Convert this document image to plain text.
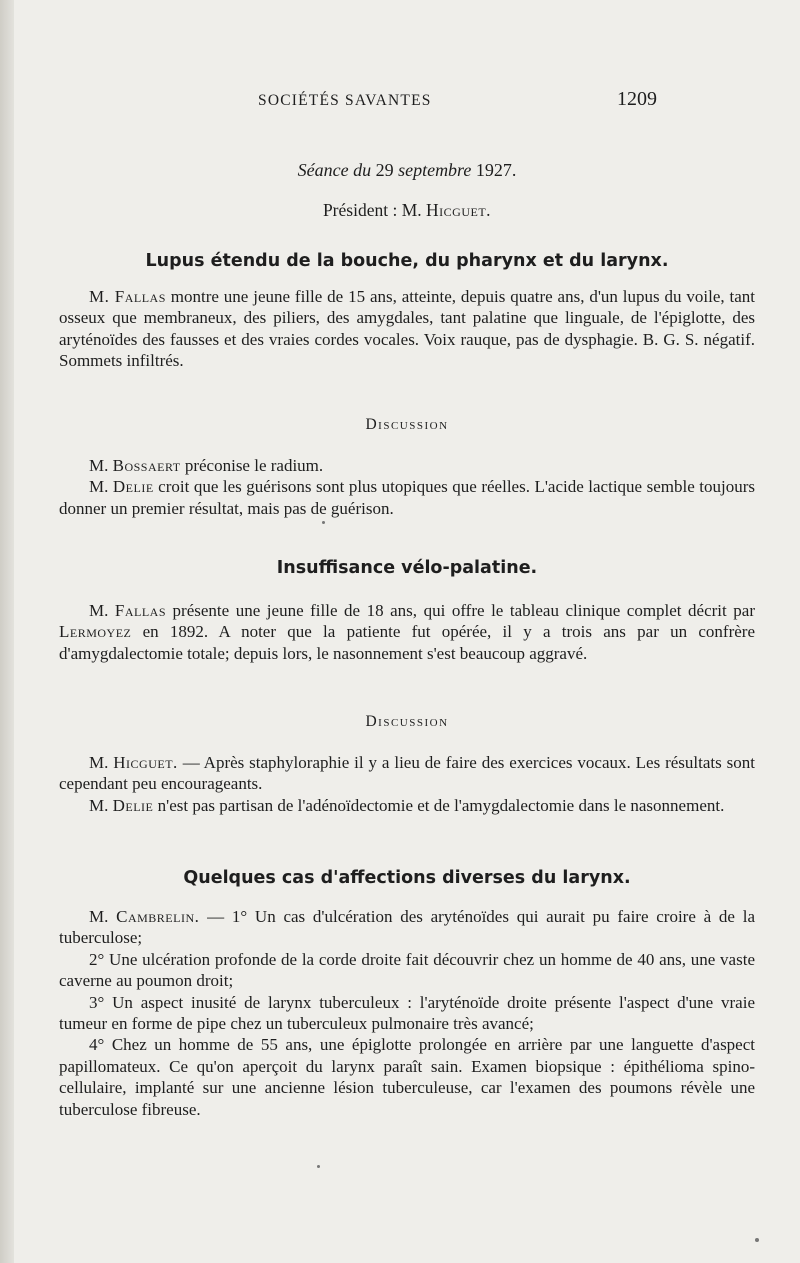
SOCIÉTÉS SAVANTES	1209
Séance du 29 septembre 1927.
Président : M. Hicguet.
Lupus étendu de la bouche, du pharynx et du larynx.

M. Fallas montre une jeune fille de 15 ans, atteinte, depuis quatre ans, d'un lupus du voile, tant osseux que membraneux, des piliers, des amygdales, tant palatine que linguale, de l'épiglotte, des aryténoïdes des fausses et des vraies cordes vocales. Voix rauque, pas de dysphagie. B. G. S. négatif. Sommets infiltrés.

Discussion

M. Bossaert préconise le radium.

M. Delie croit que les guérisons sont plus utopiques que réelles. L'acide lactique semble toujours donner un premier résultat, mais pas de guérison.

Insuffisance vélo-palatine.

M. Fallas présente une jeune fille de 18 ans, qui offre le tableau clinique complet décrit par Lermoyez en 1892. A noter que la patiente fut opérée, il y a trois ans par un confrère d'amygdalectomie totale; depuis lors, le nasonnement s'est beaucoup aggravé.

Discussion

M. Hicguet. — Après staphyloraphie il y a lieu de faire des exercices vocaux. Les résultats sont cependant peu encourageants.

M. Delie n'est pas partisan de l'adénoïdectomie et de l'amygdalectomie dans le nasonnement.

Quelques cas d'affections diverses du larynx.

M. Cambrelin. — 1° Un cas d'ulcération des aryténoïdes qui aurait pu faire croire à de la tuberculose;

2° Une ulcération profonde de la corde droite fait découvrir chez un homme de 40 ans, une vaste caverne au poumon droit;

3° Un aspect inusité de larynx tuberculeux : l'aryténoïde droite présente l'aspect d'une vraie tumeur en forme de pipe chez un tuberculeux pulmonaire très avancé;

4° Chez un homme de 55 ans, une épiglotte prolongée en arrière par une languette d'aspect papillomateux. Ce qu'on aperçoit du larynx paraît sain. Examen biopsique : épithélioma spino-cellulaire, implanté sur une ancienne lésion tuberculeuse, car l'examen des poumons révèle une tuberculose fibreuse.
